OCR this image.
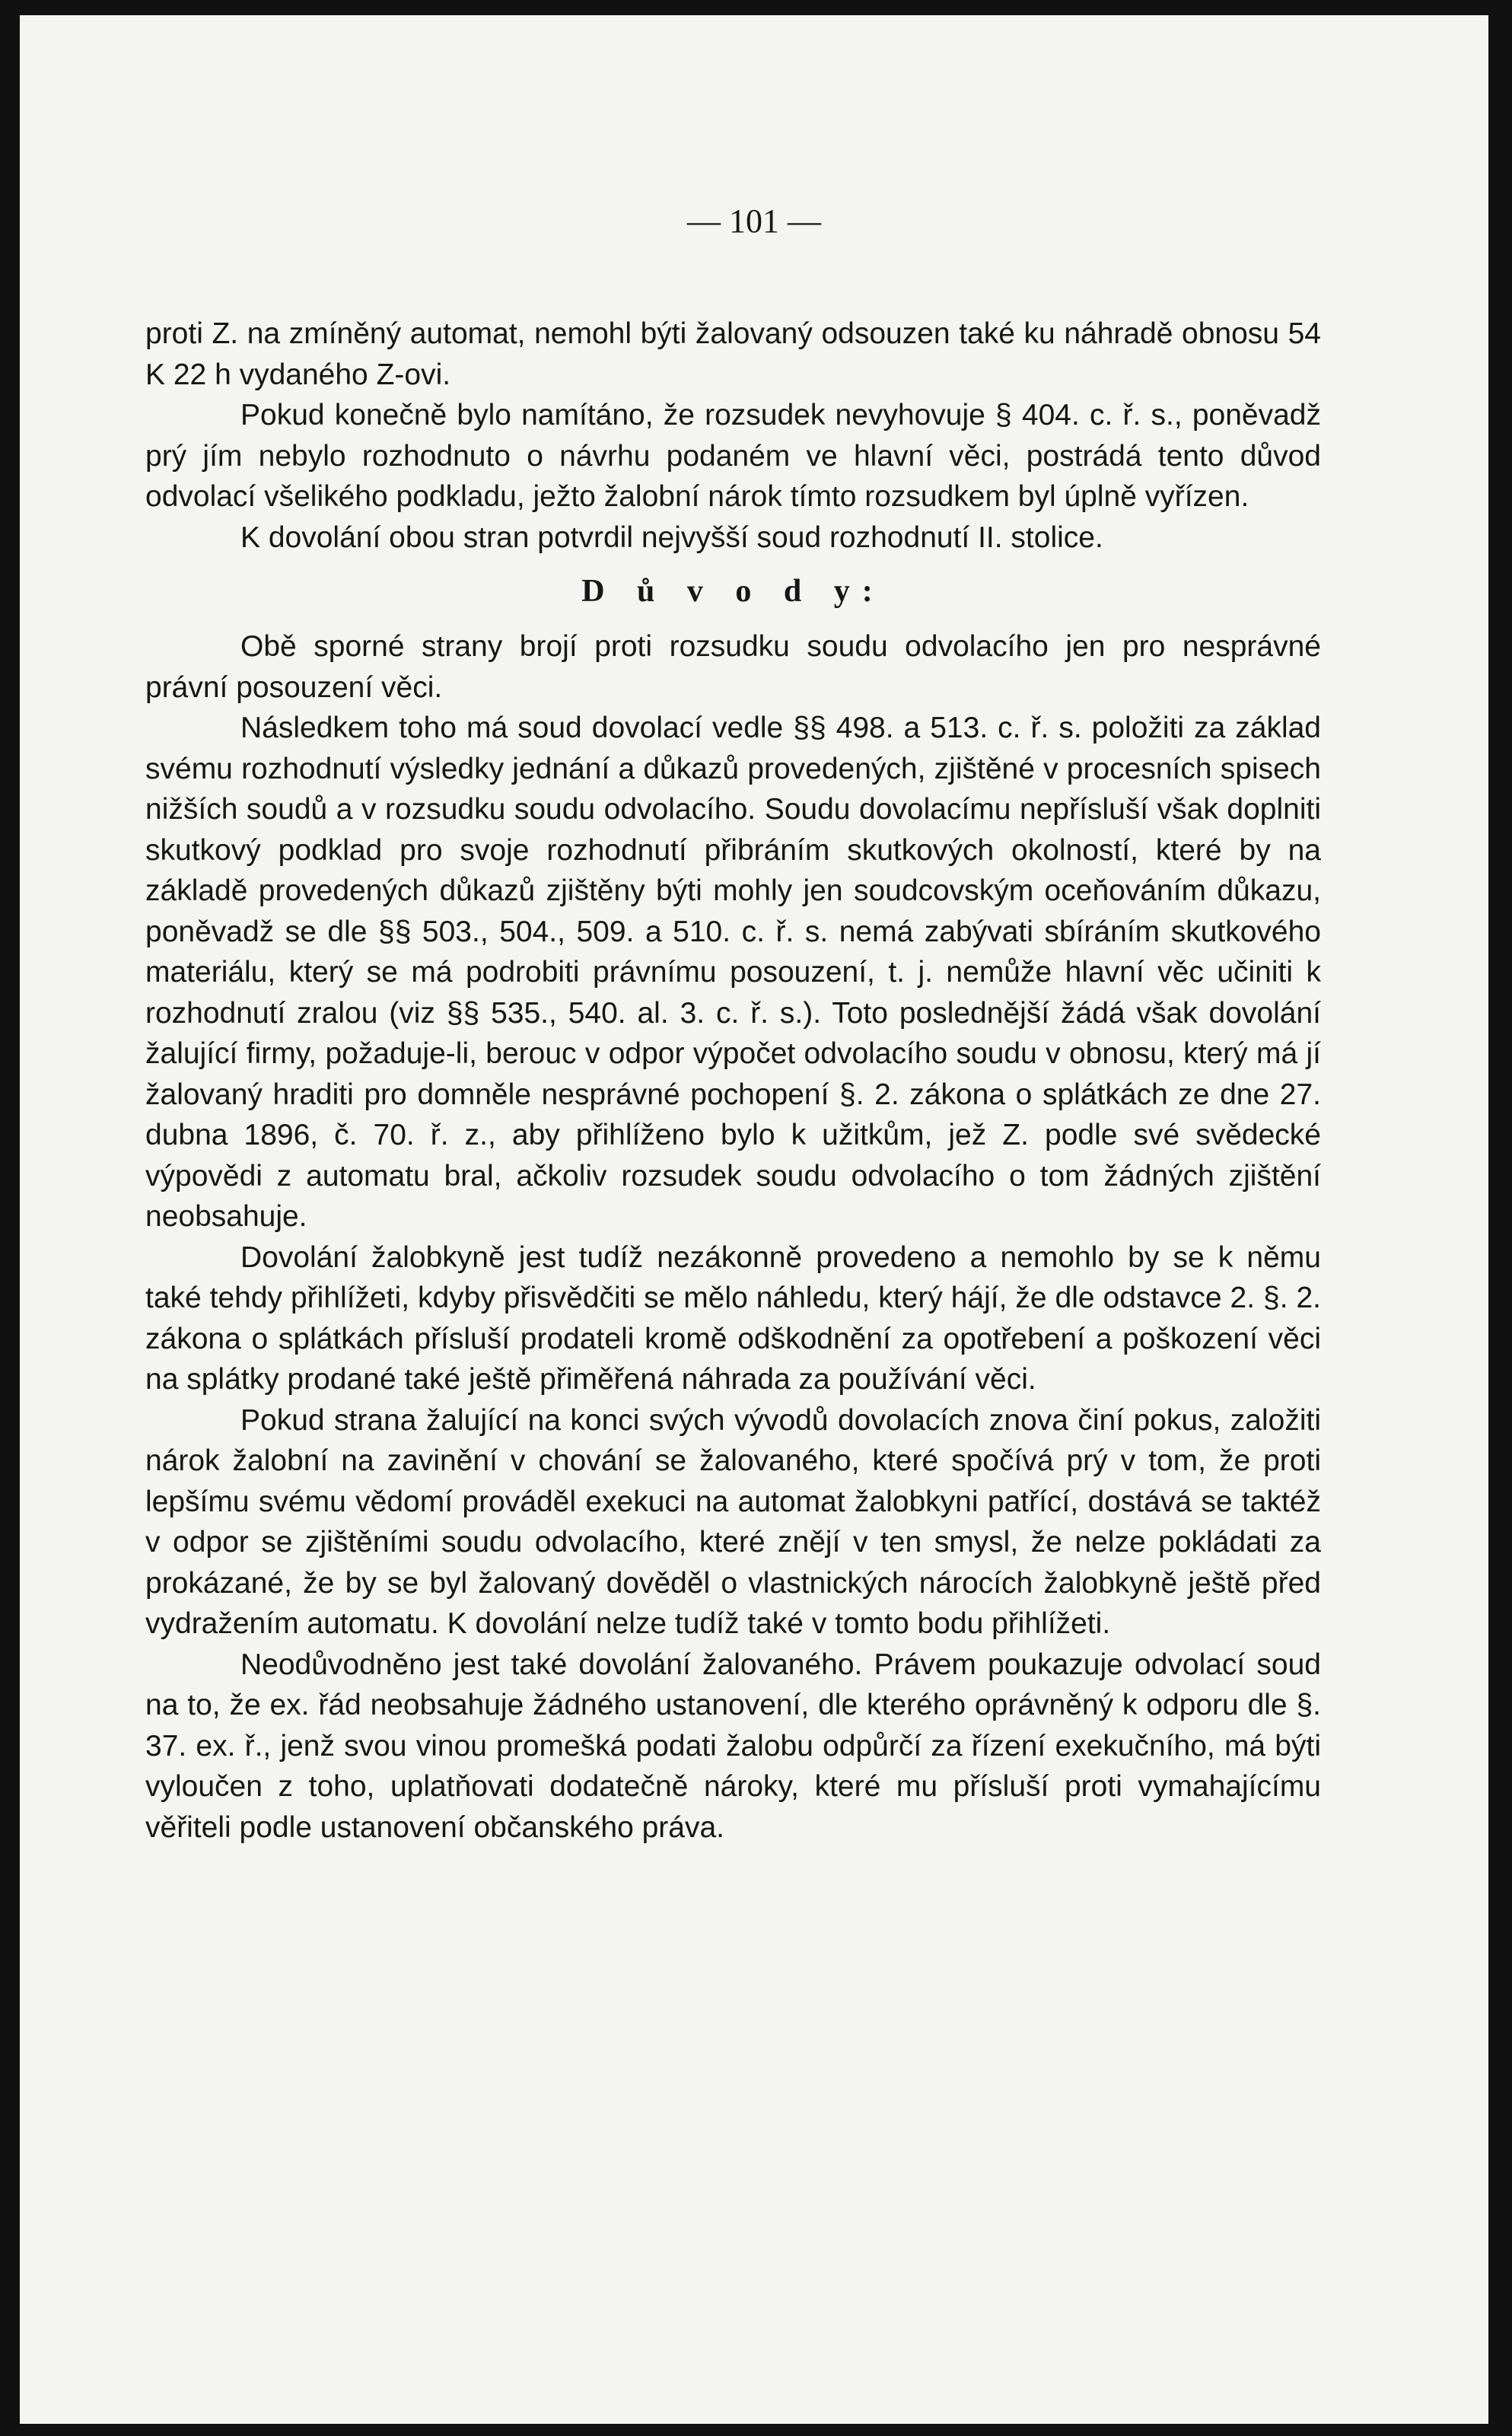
— 101 —

proti Z. na zmíněný automat, nemohl býti žalovaný odsouzen také ku náhradě obnosu 54 K 22 h vydaného Z-ovi.

Pokud konečně bylo namítáno, že rozsudek nevyhovuje § 404. c. ř. s., poněvadž prý jím nebylo rozhodnuto o návrhu podaném ve hlavní věci, postrádá tento důvod odvolací všelikého podkladu, ježto žalobní nárok tímto rozsudkem byl úplně vyřízen.

K dovolání obou stran potvrdil nejvyšší soud rozhodnutí II. stolice.

D ů v o d y:

Obě sporné strany brojí proti rozsudku soudu odvolacího jen pro nesprávné právní posouzení věci.

Následkem toho má soud dovolací vedle §§ 498. a 513. c. ř. s. položiti za základ svému rozhodnutí výsledky jednání a důkazů provedených, zjištěné v procesních spisech nižších soudů a v rozsudku soudu odvolacího. Soudu dovolacímu nepřísluší však doplniti skutkový podklad pro svoje rozhodnutí přibráním skutkových okolností, které by na základě provedených důkazů zjištěny býti mohly jen soudcovským oceňováním důkazu, poněvadž se dle §§ 503., 504., 509. a 510. c. ř. s. nemá zabývati sbíráním skutkového materiálu, který se má podrobiti právnímu posouzení, t. j. nemůže hlavní věc učiniti k rozhodnutí zralou (viz §§ 535., 540. al. 3. c. ř. s.). Toto poslednější žádá však dovolání žalující firmy, požaduje-li, berouc v odpor výpočet odvolacího soudu v obnosu, který má jí žalovaný hraditi pro domněle nesprávné pochopení §. 2. zákona o splátkách ze dne 27. dubna 1896, č. 70. ř. z., aby přihlíženo bylo k užitkům, jež Z. podle své svědecké výpovědi z automatu bral, ačkoliv rozsudek soudu odvolacího o tom žádných zjištění neobsahuje.

Dovolání žalobkyně jest tudíž nezákonně provedeno a nemohlo by se k němu také tehdy přihlížeti, kdyby přisvědčiti se mělo náhledu, který hájí, že dle odstavce 2. §. 2. zákona o splátkách přísluší prodateli kromě odškodnění za opotřebení a poškození věci na splátky prodané také ještě přiměřená náhrada za používání věci.

Pokud strana žalující na konci svých vývodů dovolacích znova činí pokus, založiti nárok žalobní na zavinění v chování se žalovaného, které spočívá prý v tom, že proti lepšímu svému vědomí prováděl exekuci na automat žalobkyni patřící, dostává se taktéž v odpor se zjištěními soudu odvolacího, které znějí v ten smysl, že nelze pokládati za prokázané, že by se byl žalovaný dověděl o vlastnických nárocích žalobkyně ještě před vydražením automatu. K dovolání nelze tudíž také v tomto bodu přihlížeti.

Neodůvodněno jest také dovolání žalovaného. Právem poukazuje odvolací soud na to, že ex. řád neobsahuje žádného ustanovení, dle kterého oprávněný k odporu dle §. 37. ex. ř., jenž svou vinou promešká podati žalobu odpůrčí za řízení exekučního, má býti vyloučen z toho, uplatňovati dodatečně nároky, které mu přísluší proti vymahajícímu věřiteli podle ustanovení občanského práva.
